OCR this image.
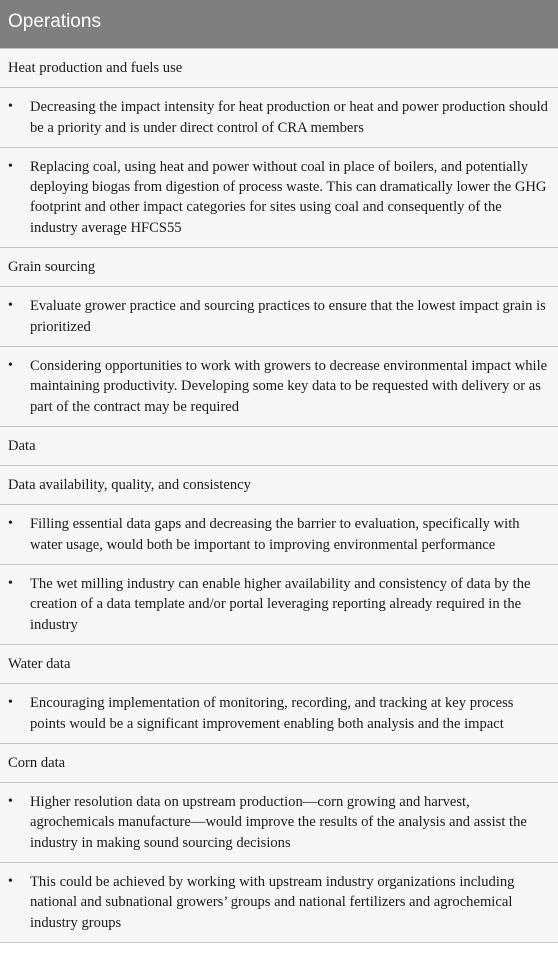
Operations
Heat production and fuels use
•	Decreasing the impact intensity for heat production or heat and power production should be a priority and is under direct control of CRA members
•	Replacing coal, using heat and power without coal in place of boilers, and potentially deploying biogas from digestion of process waste. This can dramatically lower the GHG footprint and other impact categories for sites using coal and consequently of the industry average HFCS55
Grain sourcing
•	Evaluate grower practice and sourcing practices to ensure that the lowest impact grain is prioritized
•	Considering opportunities to work with growers to decrease environmental impact while maintaining productivity. Developing some key data to be requested with delivery or as part of the contract may be required
Data
Data availability, quality, and consistency
•	Filling essential data gaps and decreasing the barrier to evaluation, specifically with water usage, would both be important to improving environmental performance
•	The wet milling industry can enable higher availability and consistency of data by the creation of a data template and/or portal leveraging reporting already required in the industry
Water data
•	Encouraging implementation of monitoring, recording, and tracking at key process points would be a significant improvement enabling both analysis and the impact
Corn data
•	Higher resolution data on upstream production—corn growing and harvest, agrochemicals manufacture—would improve the results of the analysis and assist the industry in making sound sourcing decisions
•	This could be achieved by working with upstream industry organizations including national and subnational growers’ groups and national fertilizers and agrochemical industry groups
